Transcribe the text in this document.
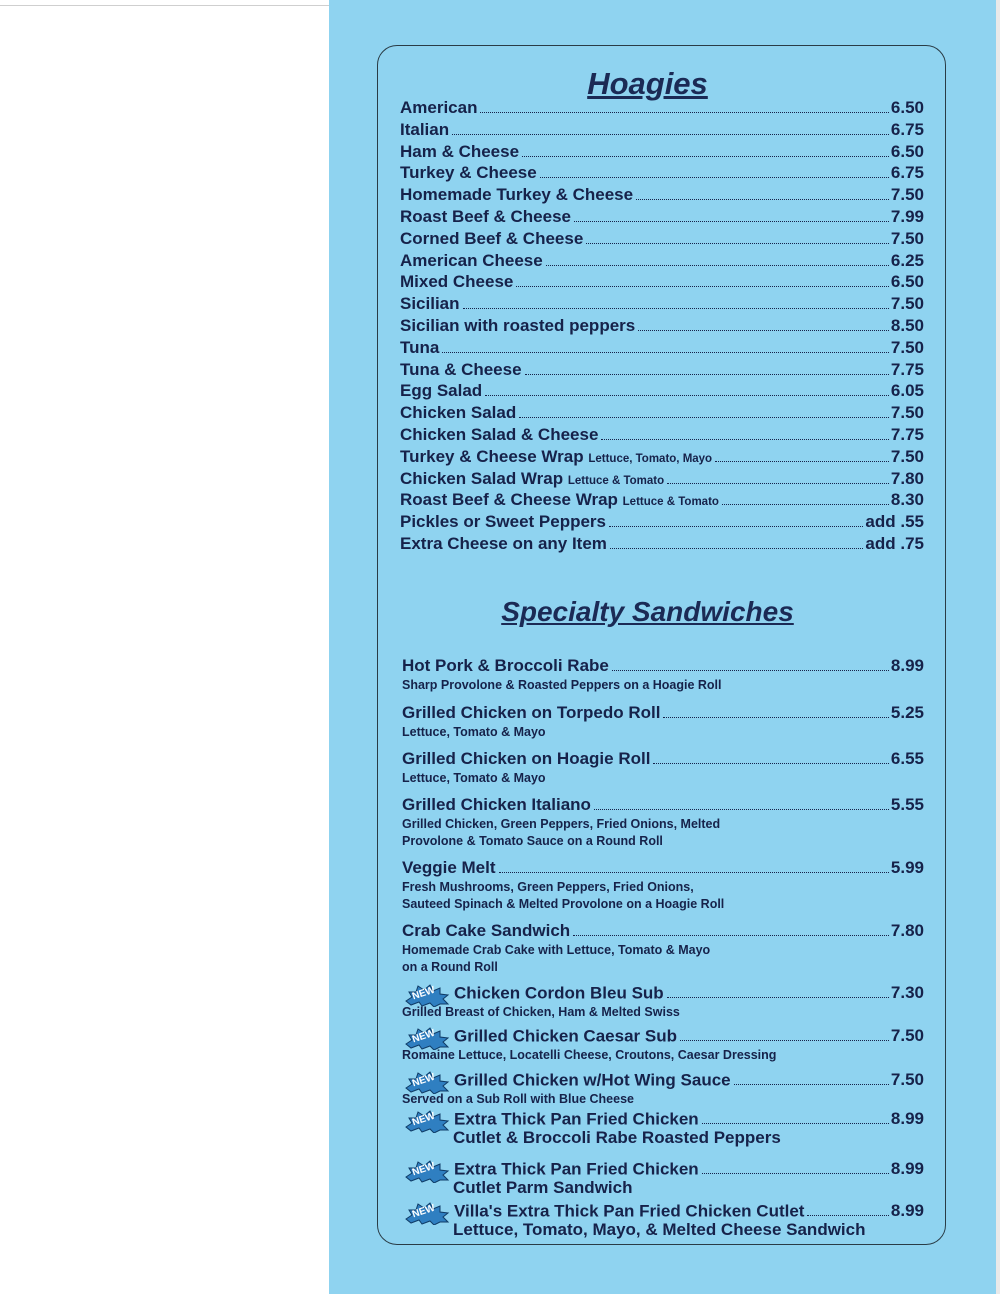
Hoagies
American	6.50
Italian	6.75
Ham & Cheese	6.50
Turkey & Cheese	6.75
Homemade Turkey & Cheese	7.50
Roast Beef & Cheese	7.99
Corned Beef & Cheese	7.50
American Cheese	6.25
Mixed Cheese	6.50
Sicilian	7.50
Sicilian with roasted peppers	8.50
Tuna	7.50
Tuna & Cheese	7.75
Egg Salad	6.05
Chicken Salad	7.50
Chicken Salad & Cheese	7.75
Turkey & Cheese Wrap Lettuce, Tomato, Mayo	7.50
Chicken Salad Wrap Lettuce & Tomato	7.80
Roast Beef & Cheese Wrap Lettuce & Tomato	8.30
Pickles or Sweet Peppers	add .55
Extra Cheese on any Item	add .75
Specialty Sandwiches
Hot Pork & Broccoli Rabe	8.99
Sharp Provolone & Roasted Peppers on a Hoagie Roll
Grilled Chicken on Torpedo Roll	5.25
Lettuce, Tomato & Mayo
Grilled Chicken on Hoagie Roll	6.55
Lettuce, Tomato & Mayo
Grilled Chicken Italiano	5.55
Grilled Chicken, Green Peppers, Fried Onions, Melted
Provolone & Tomato Sauce on a Round Roll
Veggie Melt	5.99
Fresh Mushrooms, Green Peppers, Fried Onions,
Sauteed Spinach & Melted Provolone on a Hoagie Roll
Crab Cake Sandwich	7.80
Homemade Crab Cake with Lettuce, Tomato & Mayo
on a Round Roll
NEW Chicken Cordon Bleu Sub	7.30
Grilled Breast of Chicken, Ham & Melted Swiss
NEW Grilled Chicken Caesar Sub	7.50
Romaine Lettuce, Locatelli Cheese, Croutons, Caesar Dressing
NEW Grilled Chicken w/Hot Wing Sauce	7.50
Served on a Sub Roll with Blue Cheese
NEW Extra Thick Pan Fried Chicken	8.99
Cutlet & Broccoli Rabe Roasted Peppers
NEW Extra Thick Pan Fried Chicken	8.99
Cutlet Parm Sandwich
NEW Villa's Extra Thick Pan Fried Chicken Cutlet	8.99
Lettuce, Tomato, Mayo, & Melted Cheese Sandwich
